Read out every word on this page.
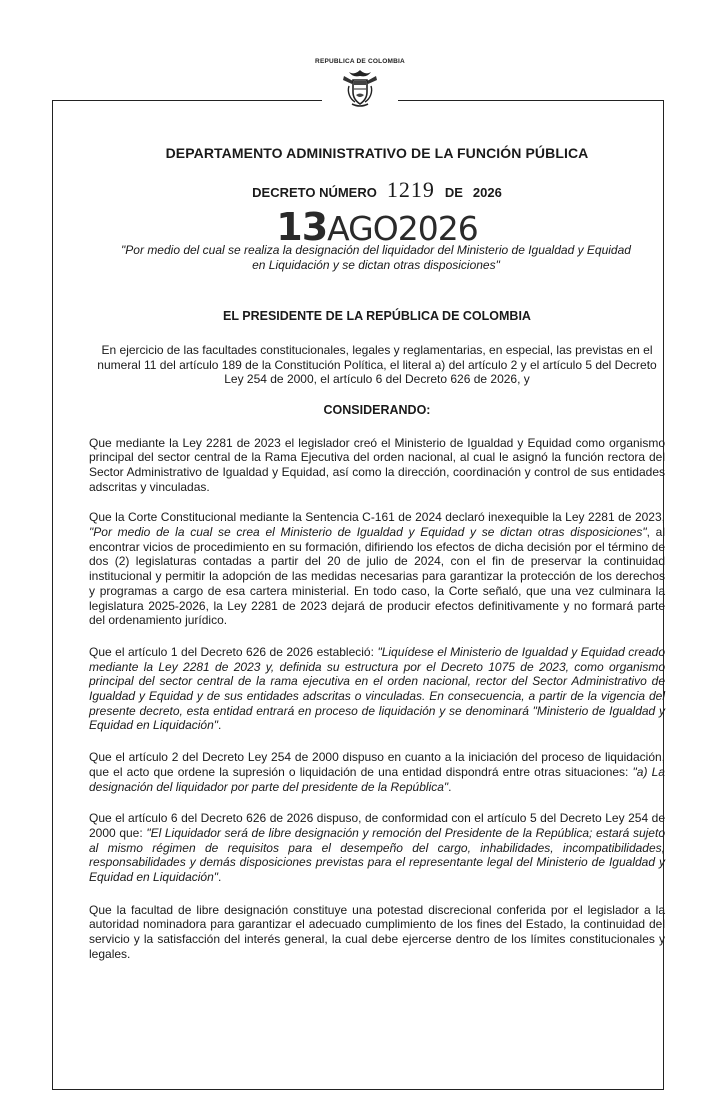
REPUBLICA DE COLOMBIA

DEPARTAMENTO ADMINISTRATIVO DE LA FUNCIÓN PÚBLICA

DECRETO NÚMERO 1219 DE 2026
13AGO2026

"Por medio del cual se realiza la designación del liquidador del Ministerio de Igualdad y Equidad en Liquidación y se dictan otras disposiciones"

EL PRESIDENTE DE LA REPÚBLICA DE COLOMBIA

En ejercicio de las facultades constitucionales, legales y reglamentarias, en especial, las previstas en el numeral 11 del artículo 189 de la Constitución Política, el literal a) del artículo 2 y el artículo 5 del Decreto Ley 254 de 2000, el artículo 6 del Decreto 626 de 2026, y

CONSIDERANDO:

Que mediante la Ley 2281 de 2023 el legislador creó el Ministerio de Igualdad y Equidad como organismo principal del sector central de la Rama Ejecutiva del orden nacional, al cual le asignó la función rectora del Sector Administrativo de Igualdad y Equidad, así como la dirección, coordinación y control de sus entidades adscritas y vinculadas.

Que la Corte Constitucional mediante la Sentencia C-161 de 2024 declaró inexequible la Ley 2281 de 2023, "Por medio de la cual se crea el Ministerio de Igualdad y Equidad y se dictan otras disposiciones", al encontrar vicios de procedimiento en su formación, difiriendo los efectos de dicha decisión por el término de dos (2) legislaturas contadas a partir del 20 de julio de 2024, con el fin de preservar la continuidad institucional y permitir la adopción de las medidas necesarias para garantizar la protección de los derechos y programas a cargo de esa cartera ministerial. En todo caso, la Corte señaló, que una vez culminara la legislatura 2025-2026, la Ley 2281 de 2023 dejará de producir efectos definitivamente y no formará parte del ordenamiento jurídico.

Que el artículo 1 del Decreto 626 de 2026 estableció: "Liquídese el Ministerio de Igualdad y Equidad creado mediante la Ley 2281 de 2023 y, definida su estructura por el Decreto 1075 de 2023, como organismo principal del sector central de la rama ejecutiva en el orden nacional, rector del Sector Administrativo de Igualdad y Equidad y de sus entidades adscritas o vinculadas. En consecuencia, a partir de la vigencia del presente decreto, esta entidad entrará en proceso de liquidación y se denominará "Ministerio de Igualdad y Equidad en Liquidación".

Que el artículo 2 del Decreto Ley 254 de 2000 dispuso en cuanto a la iniciación del proceso de liquidación, que el acto que ordene la supresión o liquidación de una entidad dispondrá entre otras situaciones: "a) La designación del liquidador por parte del presidente de la República".

Que el artículo 6 del Decreto 626 de 2026 dispuso, de conformidad con el artículo 5 del Decreto Ley 254 de 2000 que: "El Liquidador será de libre designación y remoción del Presidente de la República; estará sujeto al mismo régimen de requisitos para el desempeño del cargo, inhabilidades, incompatibilidades, responsabilidades y demás disposiciones previstas para el representante legal del Ministerio de Igualdad y Equidad en Liquidación".

Que la facultad de libre designación constituye una potestad discrecional conferida por el legislador a la autoridad nominadora para garantizar el adecuado cumplimiento de los fines del Estado, la continuidad del servicio y la satisfacción del interés general, la cual debe ejercerse dentro de los límites constitucionales y legales.
